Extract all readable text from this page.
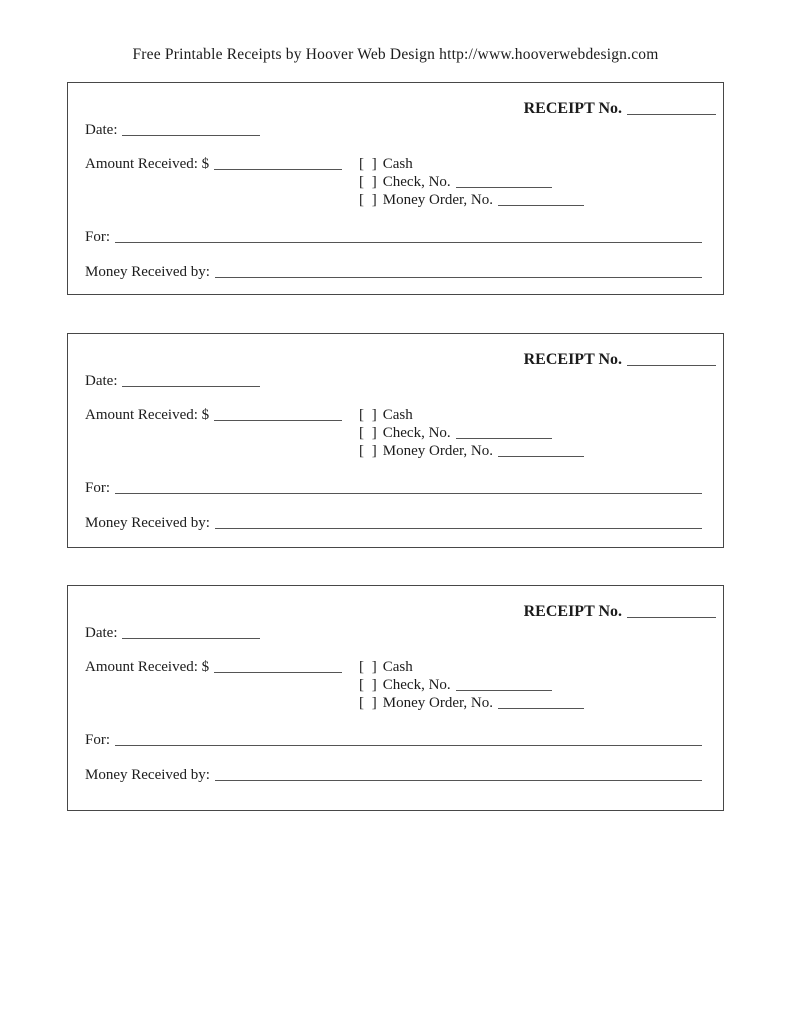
Free Printable Receipts by Hoover Web Design http://www.hooverwebdesign.com
RECEIPT No.
Date:
Amount Received: $	[ ] Cash
[ ] Check, No.
[ ] Money Order, No.
For:
Money Received by:
RECEIPT No.
Date:
Amount Received: $	[ ] Cash
[ ] Check, No.
[ ] Money Order, No.
For:
Money Received by:
RECEIPT No.
Date:
Amount Received: $	[ ] Cash
[ ] Check, No.
[ ] Money Order, No.
For:
Money Received by:
